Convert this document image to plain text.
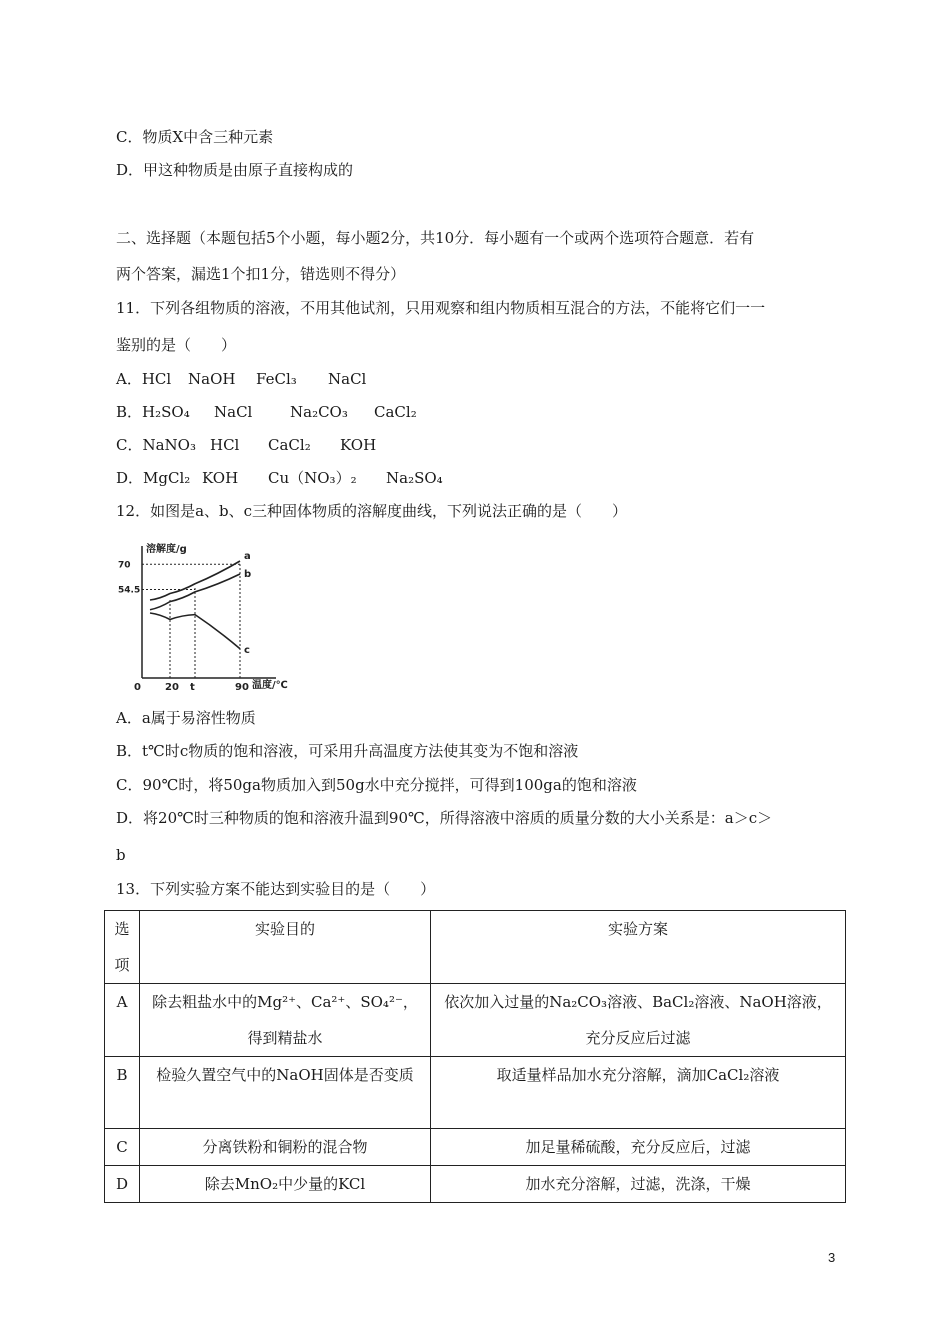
C．物质X中含三种元素
D．甲这种物质是由原子直接构成的
二、选择题（本题包括5个小题，每小题2分，共10分．每小题有一个或两个选项符合题意．若有
两个答案，漏选1个扣1分，错选则不得分）
11．下列各组物质的溶液，不用其他试剂，只用观察和组内物质相互混合的方法，不能将它们一一
鉴别的是（　　）
A．HCl NaOH FeCl₃ NaCl
B．H₂SO₄ NaCl	Na₂CO₃ CaCl₂
C．NaNO₃ HCl CaCl₂ KOH
D．MgCl₂ KOH Cu（NO₃）₂ Na₂SO₄
12．如图是a、b、c三种固体物质的溶解度曲线，下列说法正确的是（　　）
溶解度/g
温度/℃
0 20 t	90
54.5
70
a
b
c
A．a属于易溶性物质
B．t℃时c物质的饱和溶液，可采用升高温度方法使其变为不饱和溶液
C．90℃时，将50ga物质加入到50g水中充分搅拌，可得到100ga的饱和溶液
D．将20℃时三种物质的饱和溶液升温到90℃，所得溶液中溶质的质量分数的大小关系是：a＞c＞
b
13．下列实验方案不能达到实验目的是（　　）
选项	实验目的	实验方案
A	除去粗盐水中的Mg²⁺、Ca²⁺、SO₄²⁻，得到精盐水	依次加入过量的Na₂CO₃溶液、BaCl₂溶液、NaOH溶液，充分反应后过滤
B	检验久置空气中的NaOH固体是否变质	取适量样品加水充分溶解，滴加CaCl₂溶液
C	分离铁粉和铜粉的混合物	加足量稀硫酸，充分反应后，过滤
D	除去MnO₂中少量的KCl	加水充分溶解，过滤，洗涤，干燥
3
